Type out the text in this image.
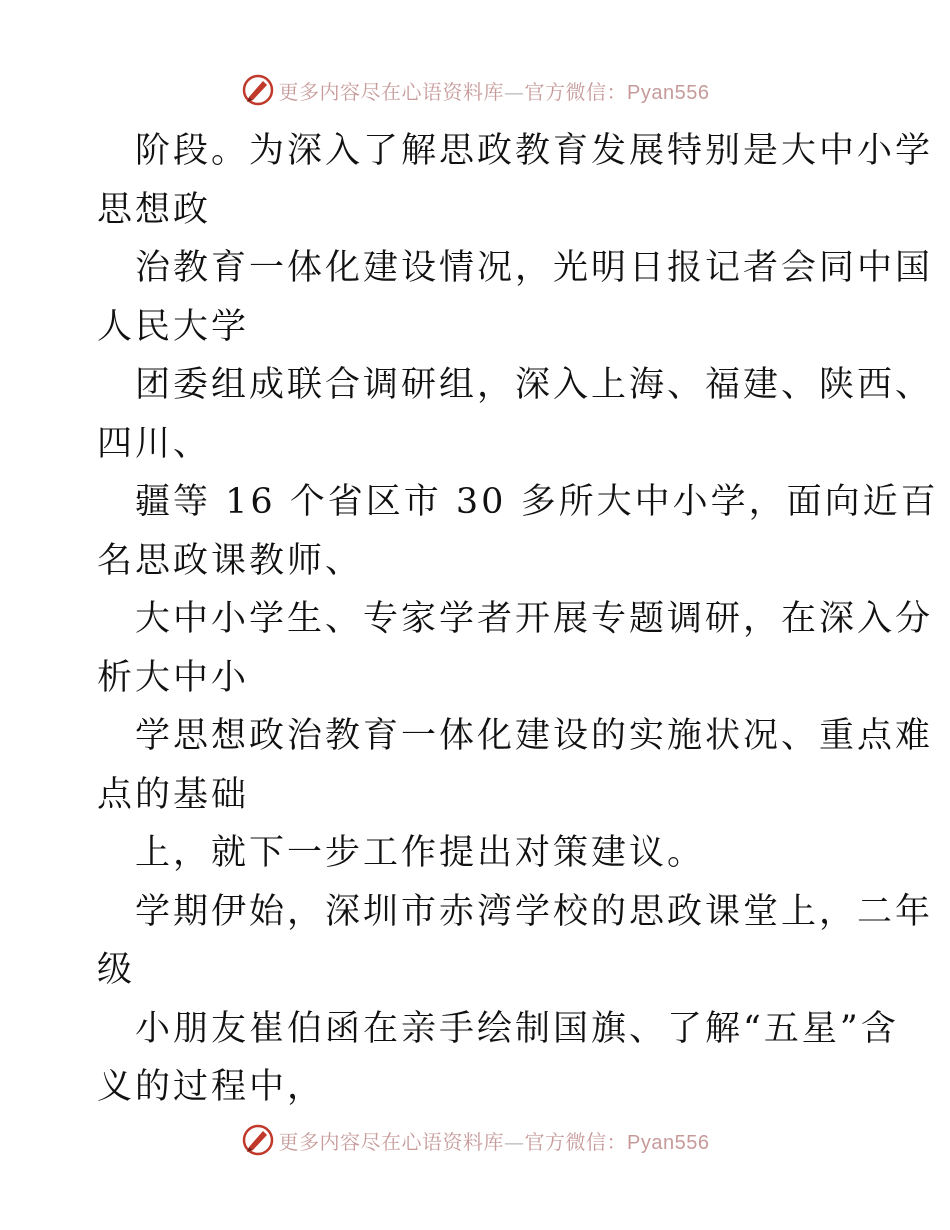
更多内容尽在心语资料库—官方微信：Pyan556
阶段。为深入了解思政教育发展特别是大中小学
思想政
治教育一体化建设情况，光明日报记者会同中国
人民大学
团委组成联合调研组，深入上海、福建、陕西、
四川、
疆等 16 个省区市 30 多所大中小学，面向近百
名思政课教师、
大中小学生、专家学者开展专题调研，在深入分
析大中小
学思想政治教育一体化建设的实施状况、重点难
点的基础
上，就下一步工作提出对策建议。
学期伊始，深圳市赤湾学校的思政课堂上，二年
级
小朋友崔伯函在亲手绘制国旗、了解“五星”含
义的过程中，
更多内容尽在心语资料库—官方微信：Pyan556
